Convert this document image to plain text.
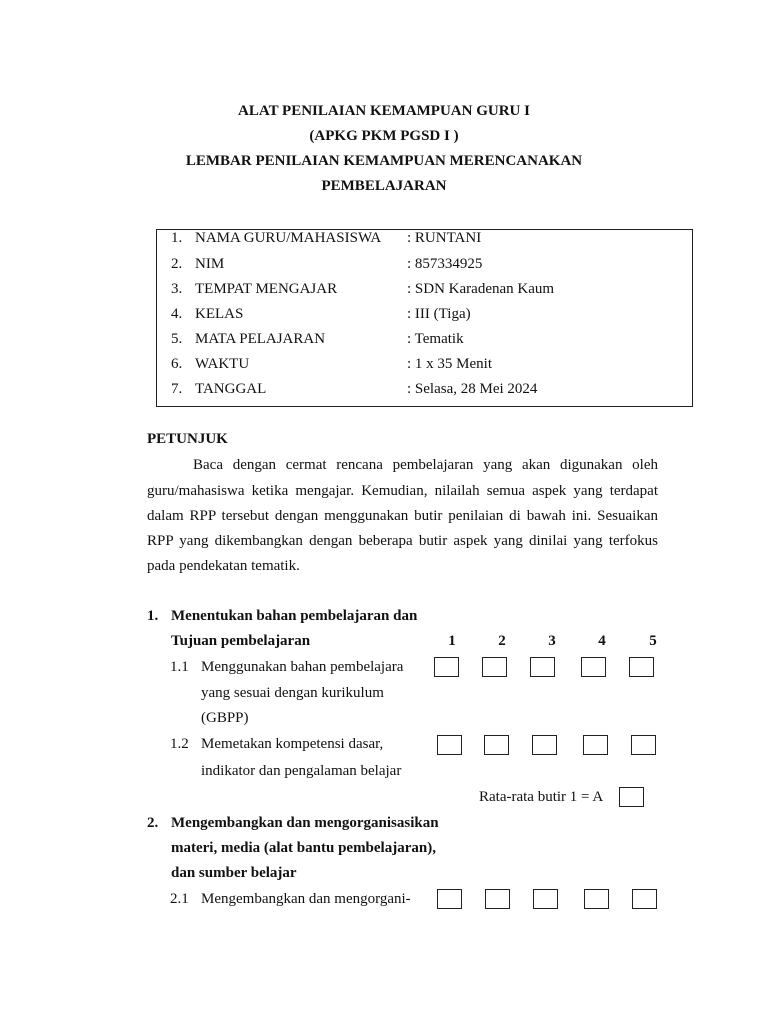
ALAT PENILAIAN KEMAMPUAN GURU I
(APKG PKM PGSD I )
LEMBAR PENILAIAN KEMAMPUAN MERENCANAKAN
PEMBELAJARAN
1. NAMA GURU/MAHASISWA : RUNTANI
2. NIM	: 857334925
3. TEMPAT MENGAJAR	: SDN Karadenan Kaum
4. KELAS	: III (Tiga)
5. MATA PELAJARAN	: Tematik
6. WAKTU	: 1 x 35 Menit
7. TANGGAL	: Selasa, 28 Mei 2024
PETUNJUK
Baca dengan cermat rencana pembelajaran yang akan digunakan oleh
guru/mahasiswa ketika mengajar. Kemudian, nilailah semua aspek yang terdapat
dalam RPP tersebut dengan menggunakan butir penilaian di bawah ini. Sesuaikan
RPP yang dikembangkan dengan beberapa butir aspek yang dinilai yang terfokus
pada pendekatan tematik.
1. Menentukan bahan pembelajaran dan
Tujuan pembelajaran	1	2	3	4	5
1.1 Menggunakan bahan pembelajara
yang sesuai dengan kurikulum
(GBPP)
1.2 Memetakan kompetensi dasar,
indikator dan pengalaman belajar
Rata-rata butir 1 = A
2. Mengembangkan dan mengorganisasikan
materi, media (alat bantu pembelajaran),
dan sumber belajar
2.1 Mengembangkan dan mengorgani-
